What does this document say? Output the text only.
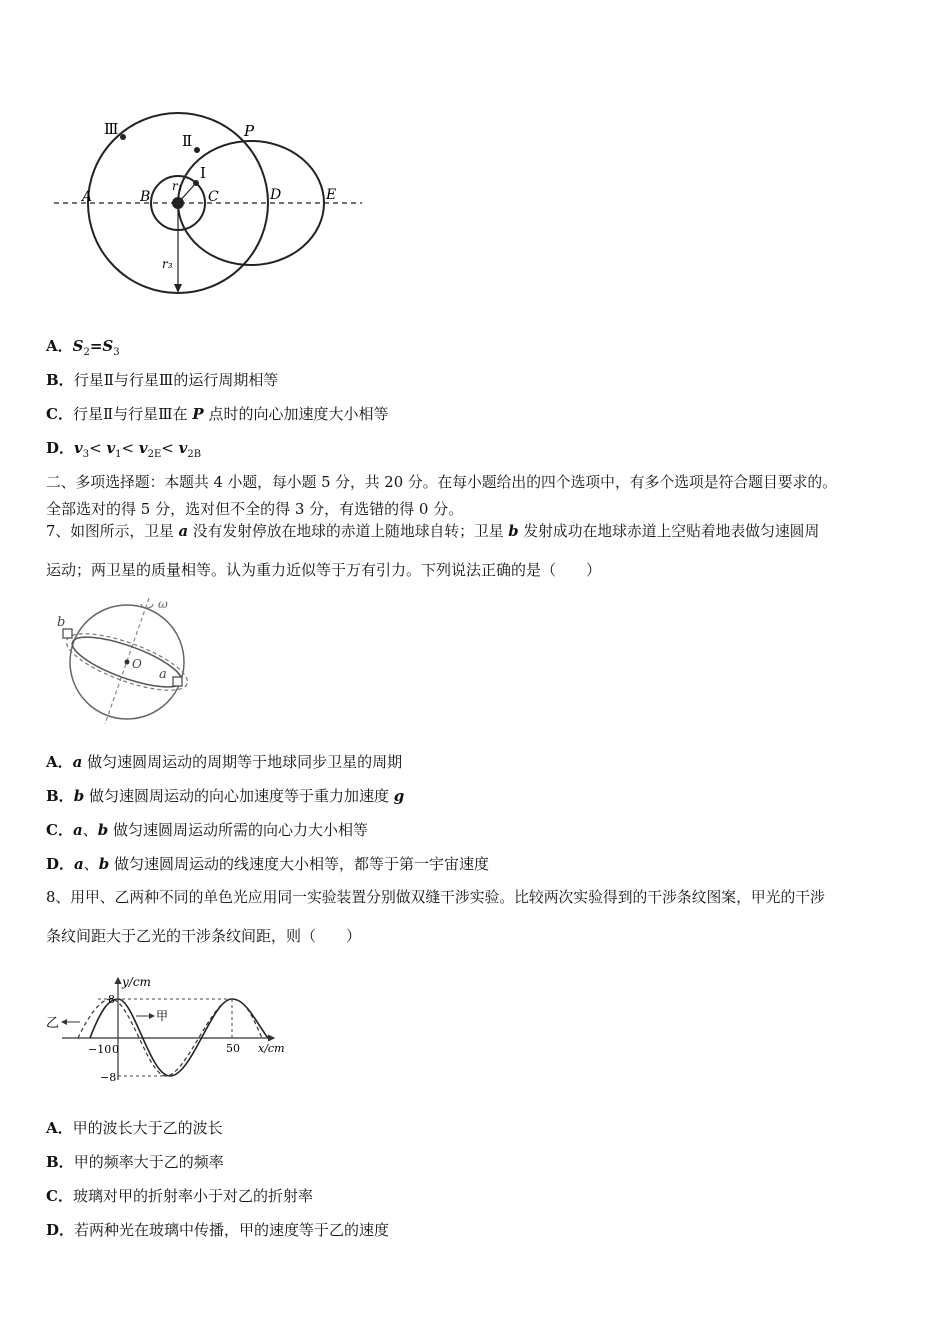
Ⅲ
Ⅱ
Ⅰ
P
A	B	C	D	E
r₁
r₃
A．$S_2=S_3$
B．行星Ⅱ与行星Ⅲ的运行周期相等
C．行星Ⅱ与行星Ⅲ在 P 点时的向心加速度大小相等
D．$v_3< v_1< v_{2E}< v_{2B}$
二、多项选择题：本题共 4 小题，每小题 5 分，共 20 分。在每小题给出的四个选项中，有多个选项是符合题目要求的。
全部选对的得 5 分，选对但不全的得 3 分，有选错的得 0 分。
7、如图所示，卫星 a 没有发射停放在地球的赤道上随地球自转；卫星 b 发射成功在地球赤道上空贴着地表做匀速圆周
运动；两卫星的质量相等。认为重力近似等于万有引力。下列说法正确的是（　　）
b
a
O
ω
A．a 做匀速圆周运动的周期等于地球同步卫星的周期
B．b 做匀速圆周运动的向心加速度等于重力加速度 g
C．a、b 做匀速圆周运动所需的向心力大小相等
D．a、b 做匀速圆周运动的线速度大小相等，都等于第一宇宙速度
8、用甲、乙两种不同的单色光应用同一实验装置分别做双缝干涉实验。比较两次实验得到的干涉条纹图案，甲光的干涉
条纹间距大于乙光的干涉条纹间距，则（　　）
y/cm
x/cm
8
−8
−10 0	50
乙	甲
A．甲的波长大于乙的波长
B．甲的频率大于乙的频率
C．玻璃对甲的折射率小于对乙的折射率
D．若两种光在玻璃中传播，甲的速度等于乙的速度
